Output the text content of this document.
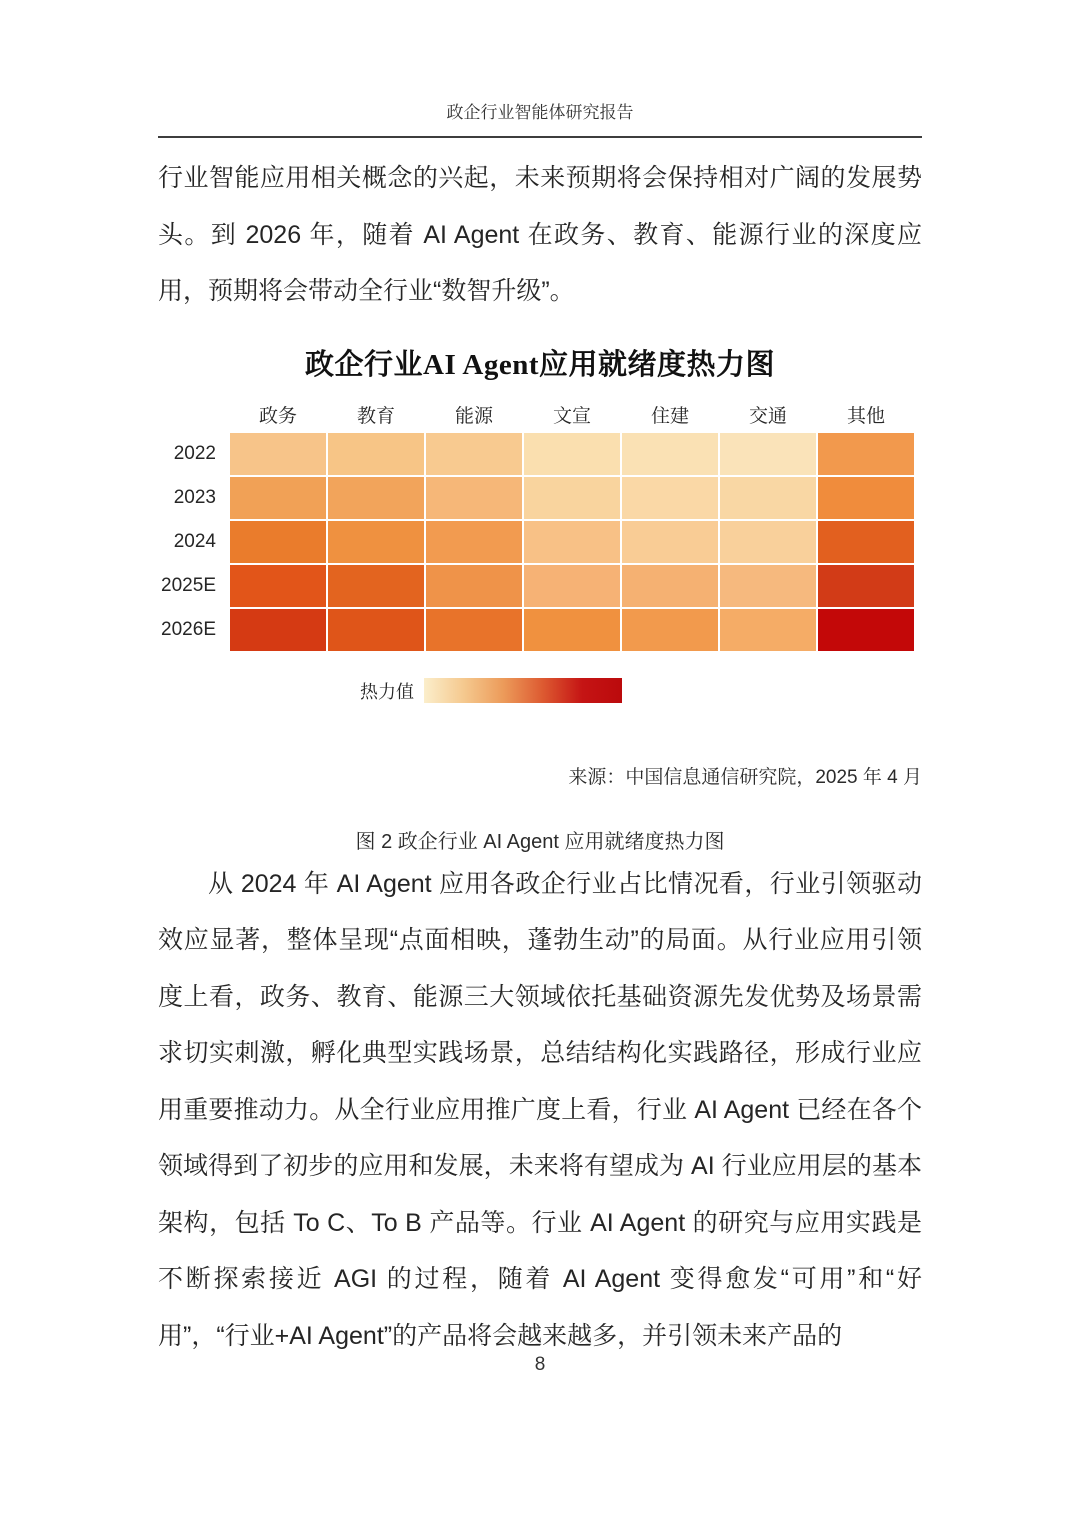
政企行业智能体研究报告

行业智能应用相关概念的兴起，未来预期将会保持相对广阔的发展势头。到 2026 年，随着 AI Agent 在政务、教育、能源行业的深度应用，预期将会带动全行业“数智升级”。

政企行业AI Agent应用就绪度热力图
政务	教育	能源	文宣	住建	交通	其他
2022
2023
2024
2025E
2026E
热力值
来源：中国信息通信研究院，2025 年 4 月
图 2 政企行业 AI Agent 应用就绪度热力图

从 2024 年 AI Agent 应用各政企行业占比情况看，行业引领驱动效应显著，整体呈现“点面相映，蓬勃生动”的局面。从行业应用引领度上看，政务、教育、能源三大领域依托基础资源先发优势及场景需求切实刺激，孵化典型实践场景，总结结构化实践路径，形成行业应用重要推动力。从全行业应用推广度上看，行业 AI Agent 已经在各个领域得到了初步的应用和发展，未来将有望成为 AI 行业应用层的基本架构，包括 To C、To B 产品等。行业 AI Agent 的研究与应用实践是不断探索接近 AGI 的过程，随着 AI Agent 变得愈发“可用”和“好用”，“行业+AI Agent”的产品将会越来越多，并引领未来产品的

8
